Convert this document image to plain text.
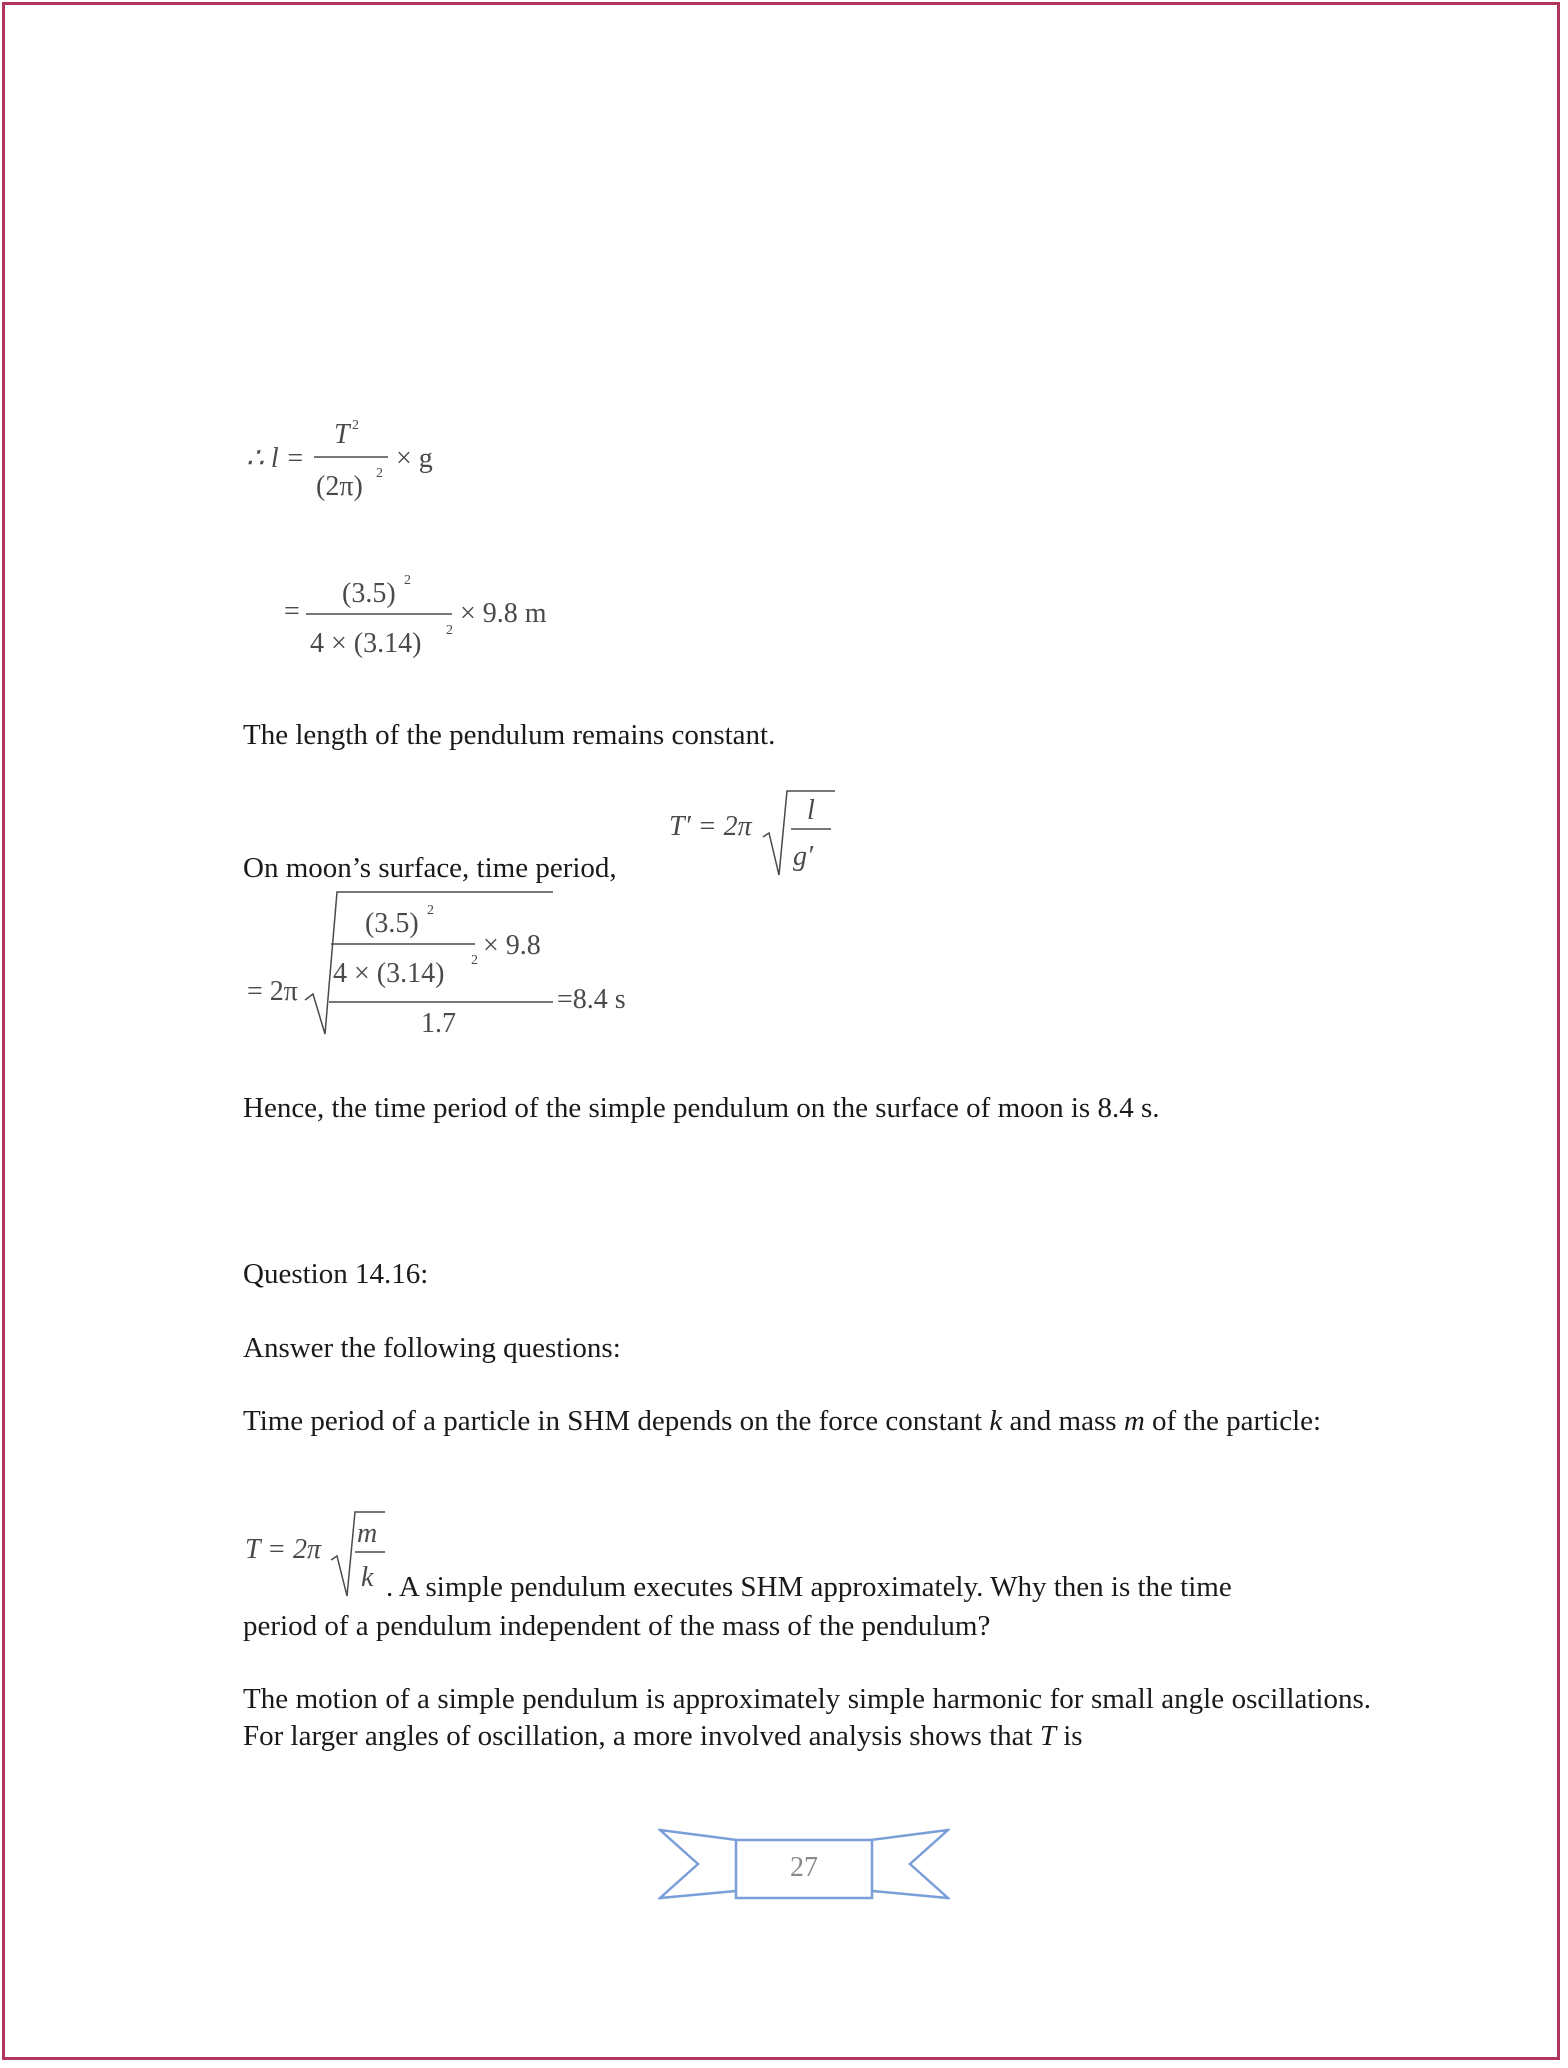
∴ l =
T 2
(2π) 2 × g
=
(3.5) 2
4 × (3.14) 2
× 9.8 m
The length of the pendulum remains constant.
T′ = 2π
l
g′
On moon’s surface, time period,
= 2π
(3.5) 2
4 × (3.14) 2 × 9.8
1.7
=8.4 s
Hence, the time period of the simple pendulum on the surface of moon is 8.4 s.
Question 14.16:
Answer the following questions:
Time period of a particle in SHM depends on the force constant k and mass m of the particle:
T = 2π
m
k . A simple pendulum executes SHM approximately. Why then is the time
period of a pendulum independent of the mass of the pendulum?
The motion of a simple pendulum is approximately simple harmonic for small angle oscillations. For larger angles of oscillation, a more involved analysis shows that T is
27
